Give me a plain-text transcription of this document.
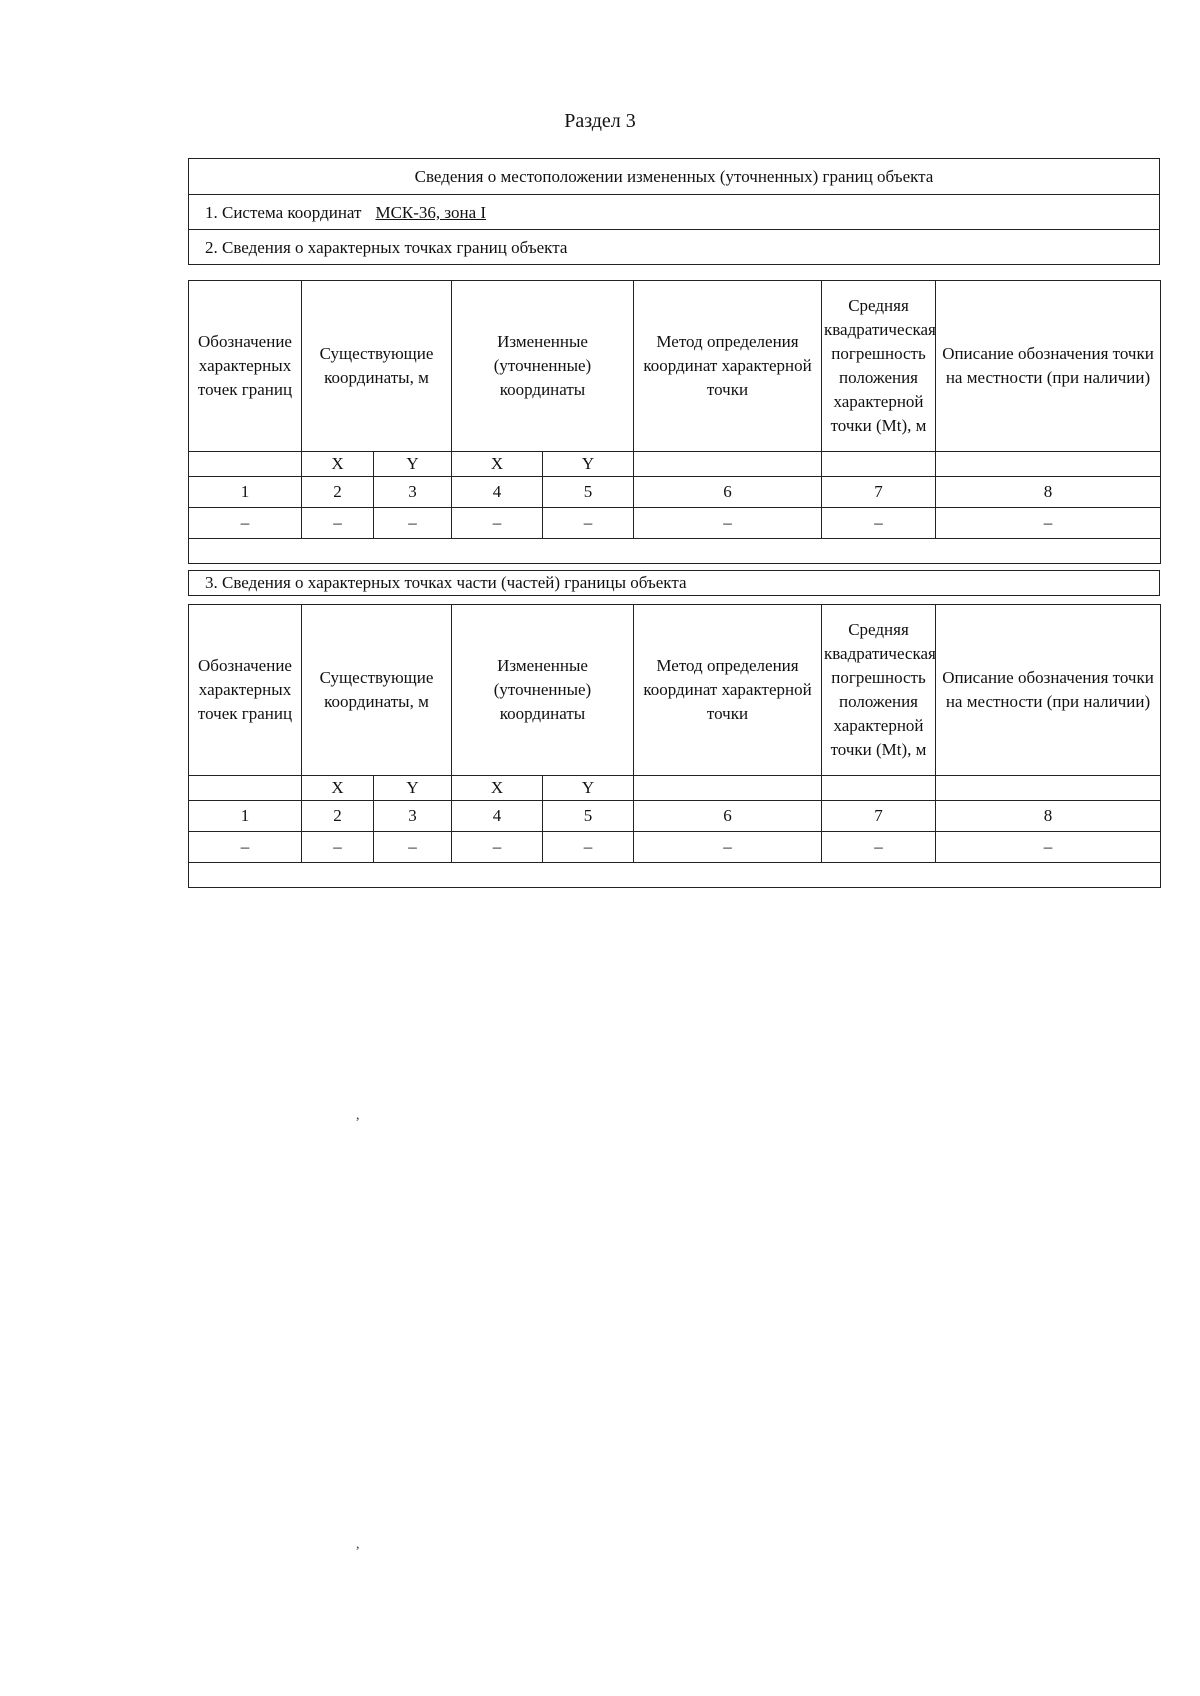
Раздел 3
Сведения о местоположении измененных (уточненных) границ объекта
1. Система координат МСК-36, зона I
2. Сведения о характерных точках границ объекта
Обозначение характерных точек границ	Существующие координаты, м		Измененные (уточненные) координаты		Метод определения координат характерной точки	Средняя квадратическая погрешность положения характерной точки (Mt), м	Описание обозначения точки на местности (при наличии)
	X	Y	X	Y			
1	2	3	4	5	6	7	8
–	–	–	–	–	–	–	–

3. Сведения о характерных точках части (частей) границы объекта
Обозначение характерных точек границ	Существующие координаты, м		Измененные (уточненные) координаты		Метод определения координат характерной точки	Средняя квадратическая погрешность положения характерной точки (Mt), м	Описание обозначения точки на местности (при наличии)
	X	Y	X	Y			
1	2	3	4	5	6	7	8
–	–	–	–	–	–	–	–

,
,
